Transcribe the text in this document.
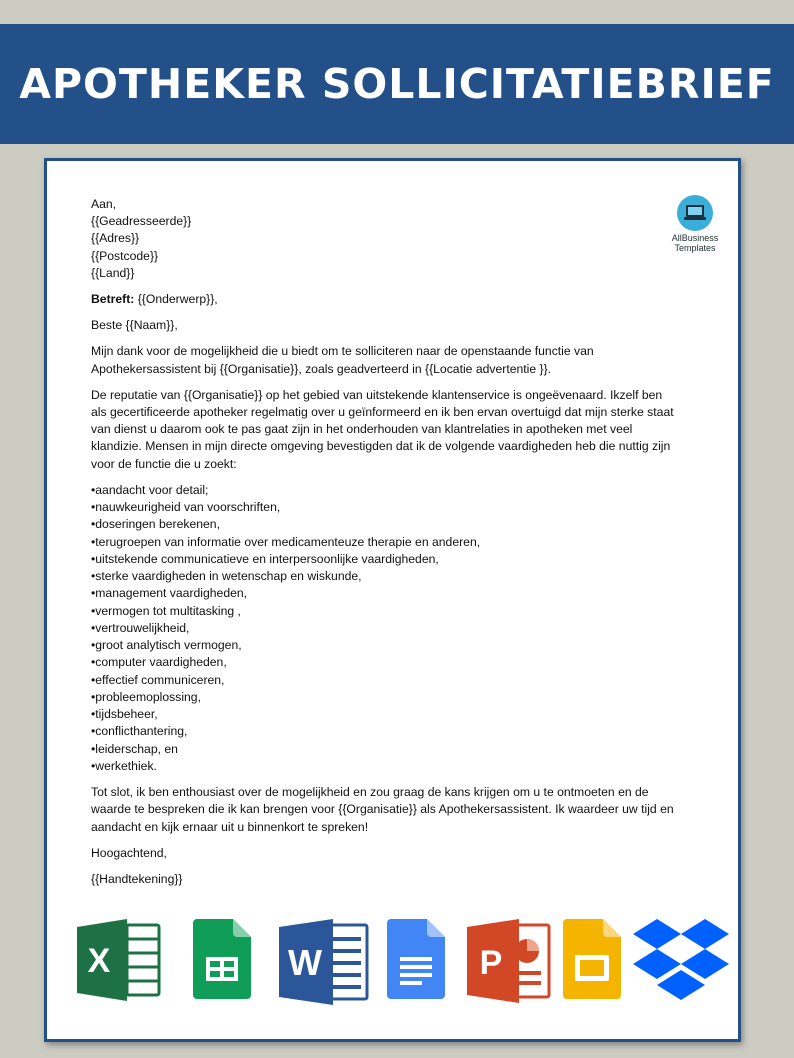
APOTHEKER SOLLICITATIEBRIEF
AllBusiness
Templates

Aan,
{{Geadresseerde}}
{{Adres}}
{{Postcode}}
{{Land}}

Betreft: {{Onderwerp}},

Beste {{Naam}},

Mijn dank voor de mogelijkheid die u biedt om te solliciteren naar de openstaande functie van Apothekersassistent bij {{Organisatie}}, zoals geadverteerd in {{Locatie advertentie }}.

De reputatie van {{Organisatie}} op het gebied van uitstekende klantenservice is ongeëvenaard. Ikzelf ben als gecertificeerde apotheker regelmatig over u geïnformeerd en ik ben ervan overtuigd dat mijn sterke staat van dienst u daarom ook te pas gaat zijn in het onderhouden van klantrelaties in apotheken met veel klandizie. Mensen in mijn directe omgeving bevestigden dat ik de volgende vaardigheden heb die nuttig zijn voor de functie die u zoekt:

• aandacht voor detail;
• nauwkeurigheid van voorschriften,
• doseringen berekenen,
• terugroepen van informatie over medicamenteuze therapie en anderen,
• uitstekende communicatieve en interpersoonlijke vaardigheden,
• sterke vaardigheden in wetenschap en wiskunde,
• management vaardigheden,
• vermogen tot multitasking ,
• vertrouwelijkheid,
• groot analytisch vermogen,
• computer vaardigheden,
• effectief communiceren,
• probleemoplossing,
• tijdsbeheer,
• conflicthantering,
• leiderschap, en
• werkethiek.

Tot slot, ik ben enthousiast over de mogelijkheid en zou graag de kans krijgen om u te ontmoeten en de waarde te bespreken die ik kan brengen voor {{Organisatie}} als Apothekersassistent. Ik waardeer uw tijd en aandacht en kijk ernaar uit u binnenkort te spreken!

Hoogachtend,

{{Handtekening}}

X	W	P
